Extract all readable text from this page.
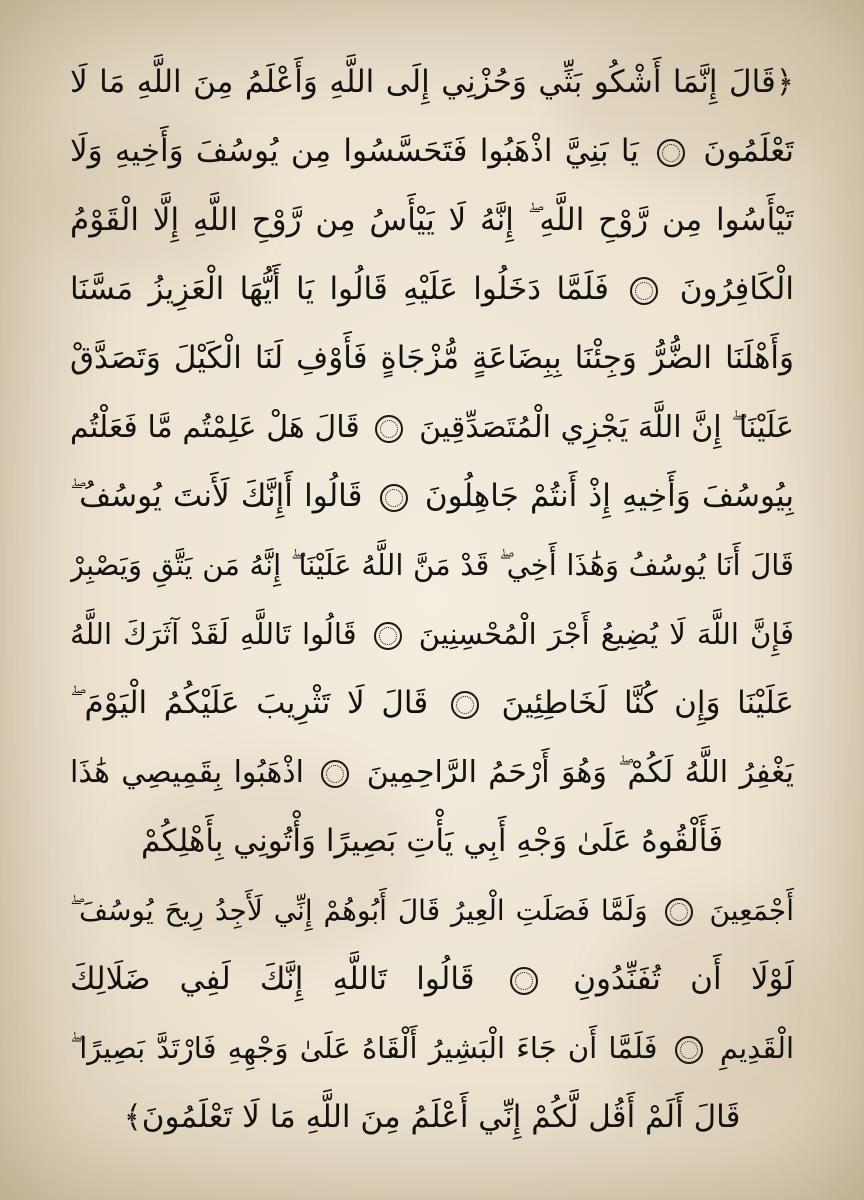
﴿قَالَ إِنَّمَا أَشْكُو بَثِّي وَحُزْنِي إِلَى اللَّهِ وَأَعْلَمُ مِنَ اللَّهِ مَا لَا
تَعْلَمُونَ  يَا بَنِيَّ اذْهَبُوا فَتَحَسَّسُوا مِن يُوسُفَ وَأَخِيهِ وَلَا
تَيْأَسُوا مِن رَّوْحِ اللَّهِ ۖ إِنَّهُ لَا يَيْأَسُ مِن رَّوْحِ اللَّهِ إِلَّا الْقَوْمُ
الْكَافِرُونَ  فَلَمَّا دَخَلُوا عَلَيْهِ قَالُوا يَا أَيُّهَا الْعَزِيزُ مَسَّنَا
وَأَهْلَنَا الضُّرُّ وَجِئْنَا بِبِضَاعَةٍ مُّزْجَاةٍ فَأَوْفِ لَنَا الْكَيْلَ وَتَصَدَّقْ
عَلَيْنَا ۖ إِنَّ اللَّهَ يَجْزِي الْمُتَصَدِّقِينَ  قَالَ هَلْ عَلِمْتُم مَّا فَعَلْتُم
بِيُوسُفَ وَأَخِيهِ إِذْ أَنتُمْ جَاهِلُونَ  قَالُوا أَإِنَّكَ لَأَنتَ يُوسُفُ ۖ
قَالَ أَنَا يُوسُفُ وَهَٰذَا أَخِي ۖ قَدْ مَنَّ اللَّهُ عَلَيْنَا ۖ إِنَّهُ مَن يَتَّقِ وَيَصْبِرْ
فَإِنَّ اللَّهَ لَا يُضِيعُ أَجْرَ الْمُحْسِنِينَ  قَالُوا تَاللَّهِ لَقَدْ آثَرَكَ اللَّهُ
عَلَيْنَا وَإِن كُنَّا لَخَاطِئِينَ  قَالَ لَا تَثْرِيبَ عَلَيْكُمُ الْيَوْمَ ۖ
يَغْفِرُ اللَّهُ لَكُمْ ۖ وَهُوَ أَرْحَمُ الرَّاحِمِينَ  اذْهَبُوا بِقَمِيصِي هَٰذَا
فَأَلْقُوهُ عَلَىٰ وَجْهِ أَبِي يَأْتِ بَصِيرًا وَأْتُونِي بِأَهْلِكُمْ
أَجْمَعِينَ  وَلَمَّا فَصَلَتِ الْعِيرُ قَالَ أَبُوهُمْ إِنِّي لَأَجِدُ رِيحَ يُوسُفَ ۖ
لَوْلَا أَن تُفَنِّدُونِ  قَالُوا تَاللَّهِ إِنَّكَ لَفِي ضَلَالِكَ
الْقَدِيمِ  فَلَمَّا أَن جَاءَ الْبَشِيرُ أَلْقَاهُ عَلَىٰ وَجْهِهِ فَارْتَدَّ بَصِيرًا ۖ
قَالَ أَلَمْ أَقُل لَّكُمْ إِنِّي أَعْلَمُ مِنَ اللَّهِ مَا لَا تَعْلَمُونَ﴾
